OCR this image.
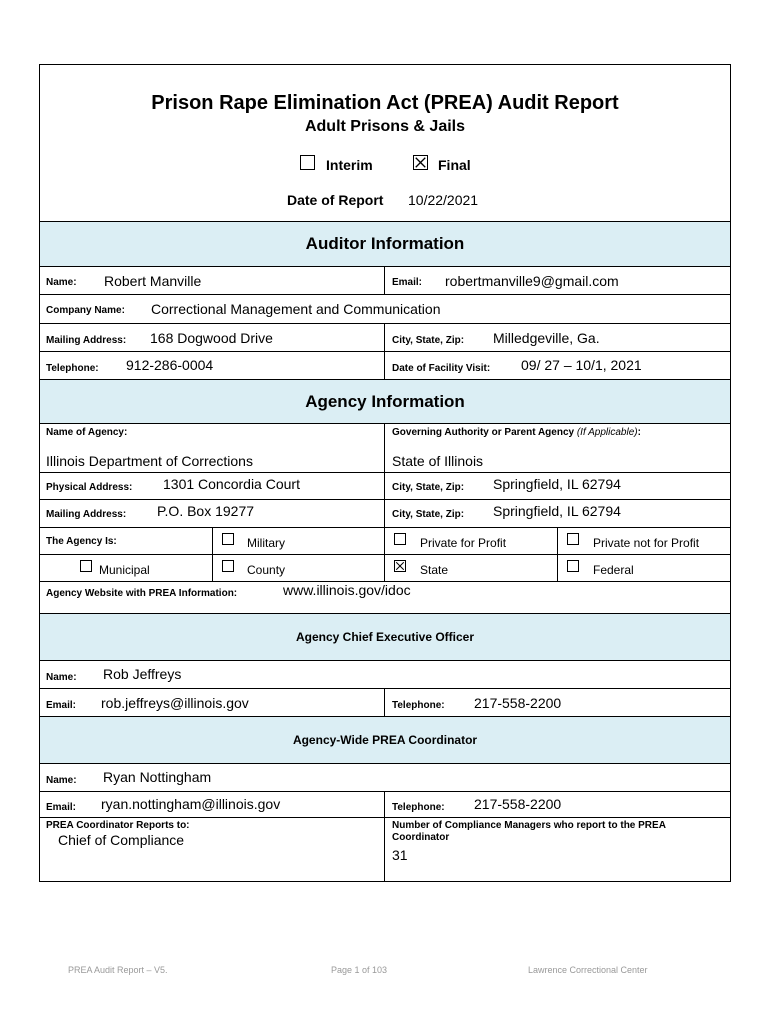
Prison Rape Elimination Act (PREA) Audit Report
Adult Prisons & Jails
Interim	Final
Date of Report 10/22/2021
Auditor Information
Name: Robert Manville	Email: robertmanville9@gmail.com
Company Name: Correctional Management and Communication
Mailing Address: 168 Dogwood Drive	City, State, Zip: Milledgeville, Ga.
Telephone: 912-286-0004	Date of Facility Visit: 09/ 27 – 10/1, 2021
Agency Information
Name of Agency:
Illinois Department of Corrections
Governing Authority or Parent Agency (If Applicable):
State of Illinois
Physical Address: 1301 Concordia Court	City, State, Zip: Springfield, IL 62794
Mailing Address: P.O. Box 19277	City, State, Zip: Springfield, IL 62794
The Agency Is:	Military	Private for Profit	Private not for Profit
Municipal	County	State	Federal
Agency Website with PREA Information:	www.illinois.gov/idoc
Agency Chief Executive Officer
Name: Rob Jeffreys
Email: rob.jeffreys@illinois.gov	Telephone: 217-558-2200
Agency-Wide PREA Coordinator
Name: Ryan Nottingham
Email: ryan.nottingham@illinois.gov	Telephone: 217-558-2200
PREA Coordinator Reports to:
Chief of Compliance
Number of Compliance Managers who report to the PREA Coordinator
31
PREA Audit Report – V5.	Page 1 of 103	Lawrence Correctional Center
